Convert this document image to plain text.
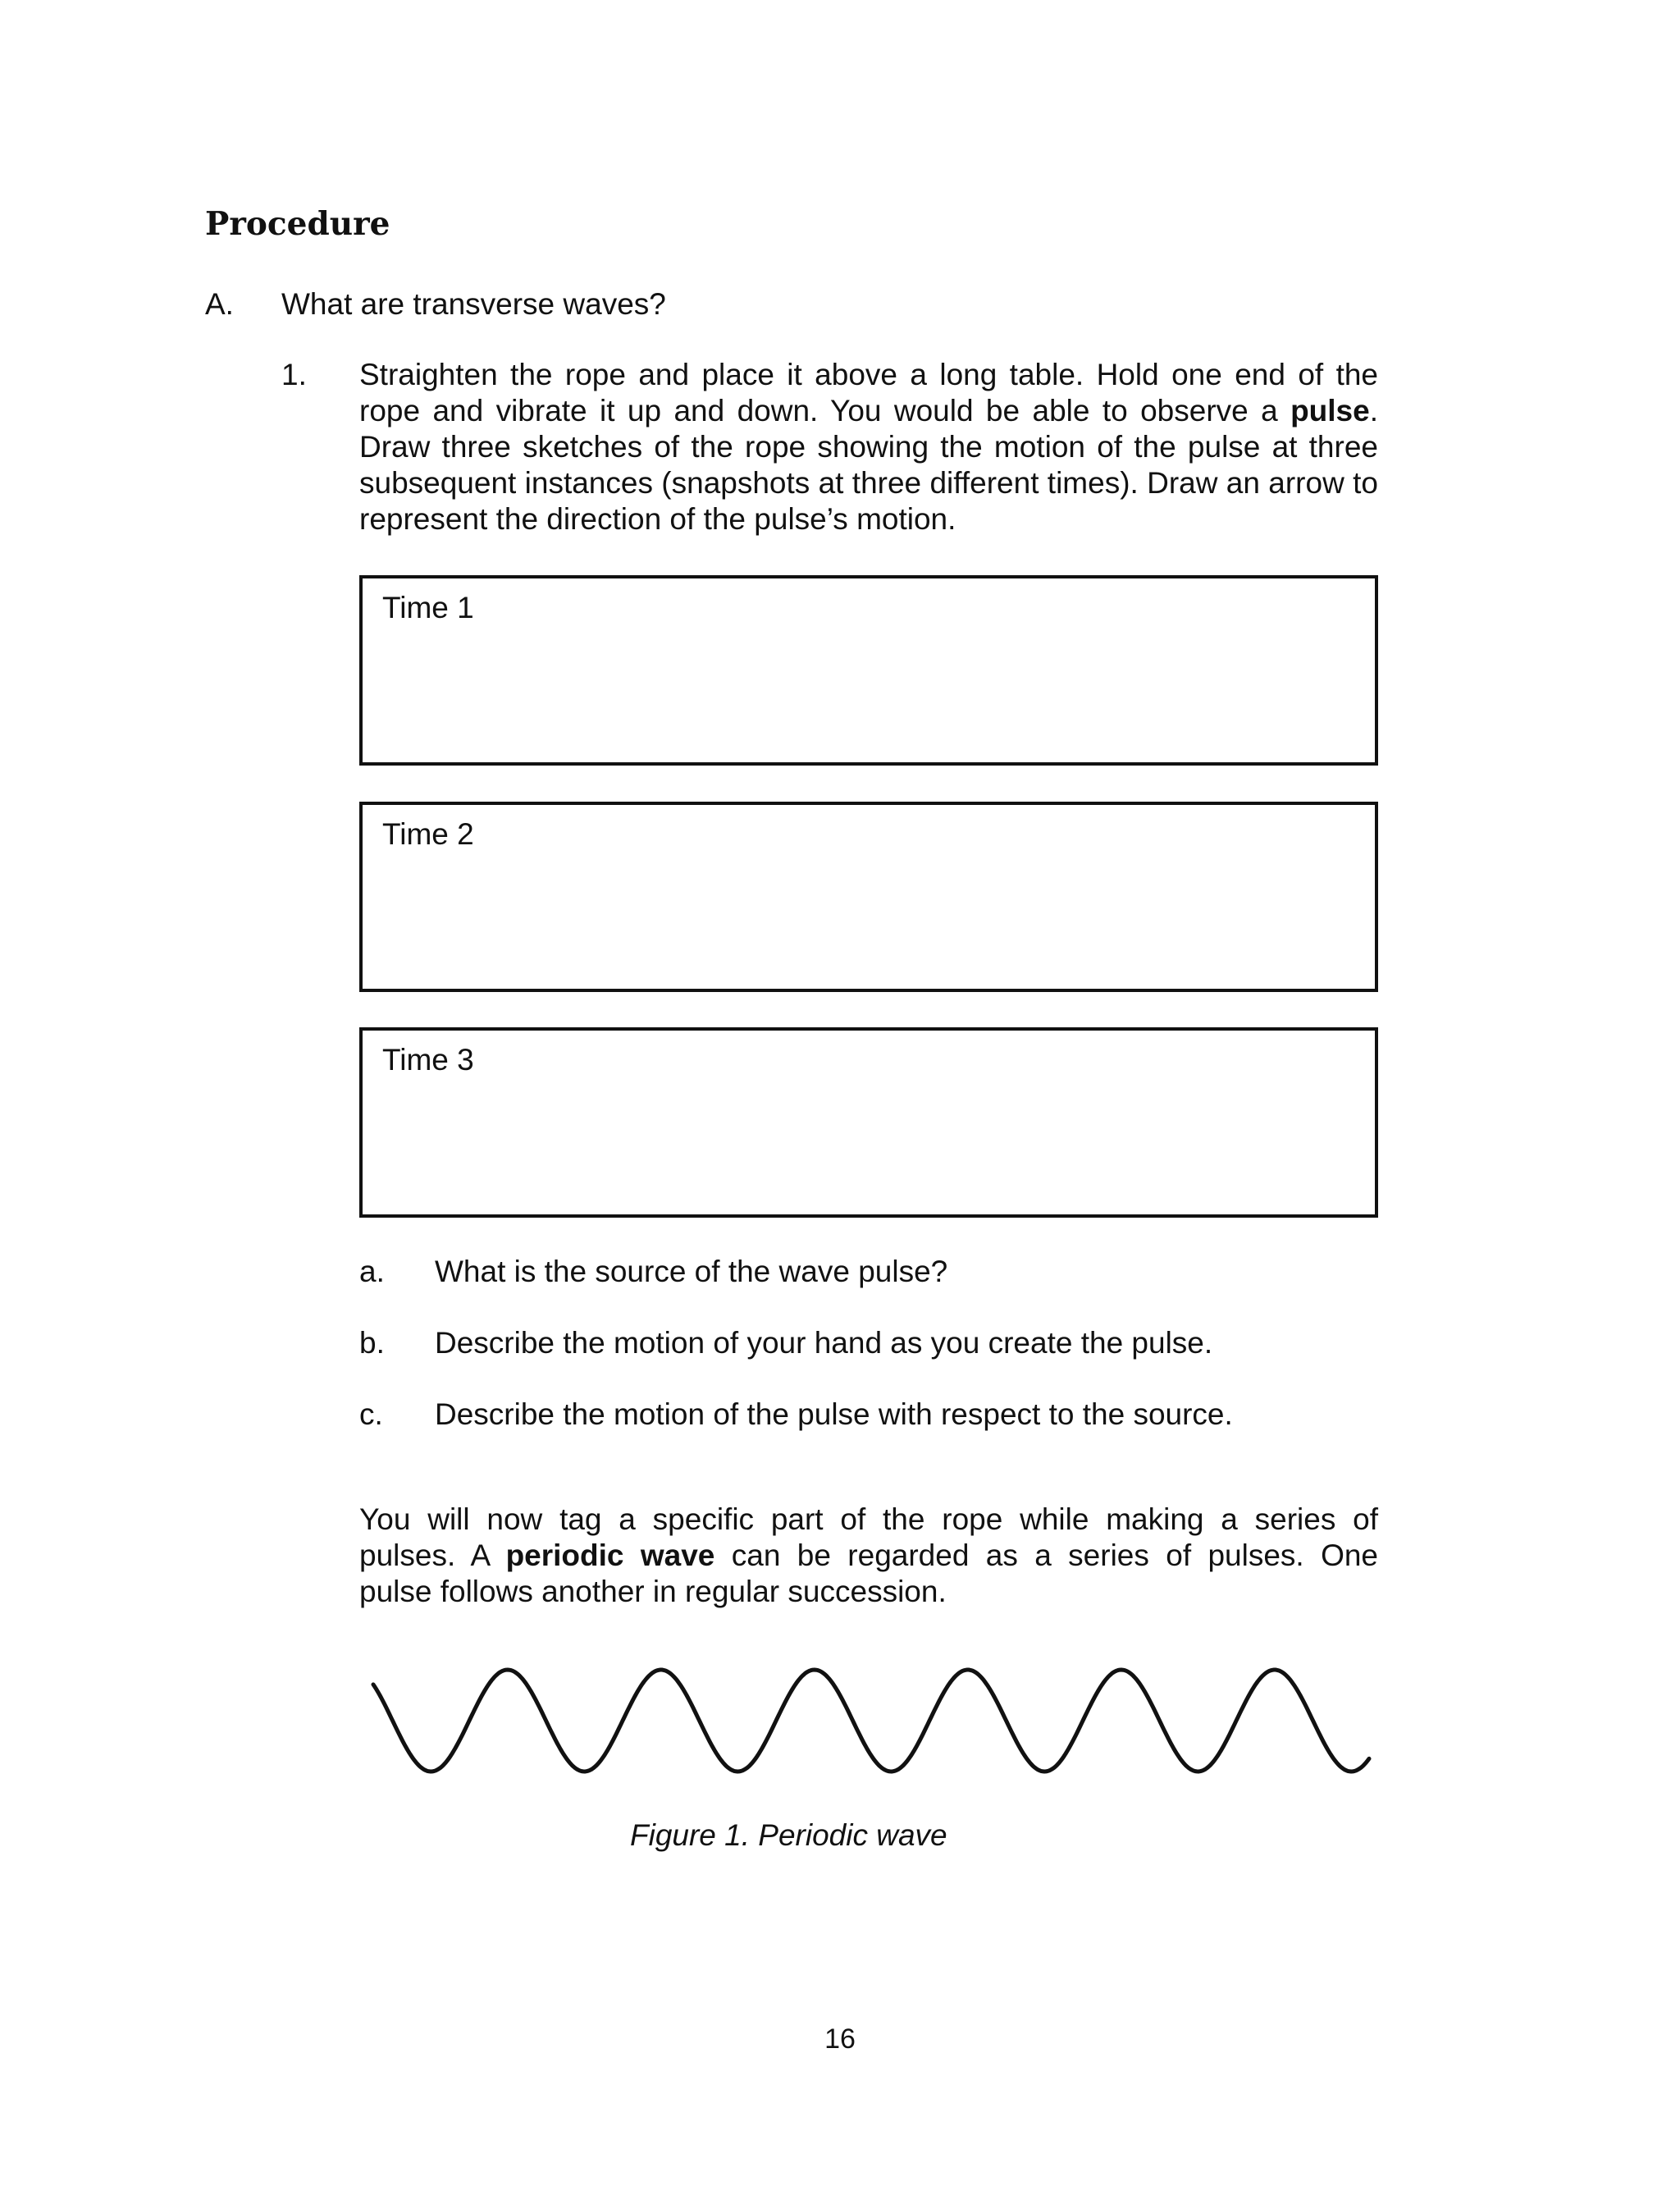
Procedure
A. What are transverse waves?
1. Straighten the rope and place it above a long table. Hold one end of the rope and vibrate it up and down. You would be able to observe a pulse. Draw three sketches of the rope showing the motion of the pulse at three subsequent instances (snapshots at three different times). Draw an arrow to represent the direction of the pulse’s motion.
Time 1
Time 2
Time 3
a. What is the source of the wave pulse?
b. Describe the motion of your hand as you create the pulse.
c. Describe the motion of the pulse with respect to the source.
You will now tag a specific part of the rope while making a series of
pulses. A periodic wave can be regarded as a series of pulses. One
pulse follows another in regular succession.
Figure 1. Periodic wave
16
